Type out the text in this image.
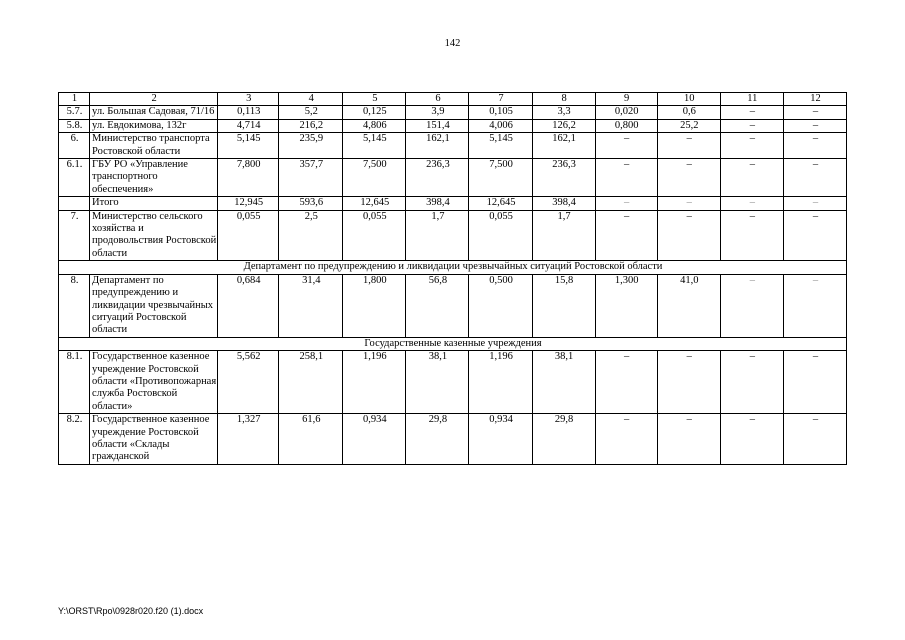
142
1	2	3	4	5	6	7	8	9	10	11	12
5.7.	ул. Большая Садовая, 71/16	0,113	5,2	0,125	3,9	0,105	3,3	0,020	0,6	–	–
5.8.	ул. Евдокимова, 132г	4,714	216,2	4,806	151,4	4,006	126,2	0,800	25,2	–	–
6.	Министерство транспорта Ростовской области	5,145	235,9	5,145	162,1	5,145	162,1	–	–	–	–
6.1.	ГБУ РО «Управление транспортного обеспечения»	7,800	357,7	7,500	236,3	7,500	236,3	–	–	–	–
	Итого	12,945	593,6	12,645	398,4	12,645	398,4	–	–	–	–
7.	Министерство сельского хозяйства и продовольствия Ростовской области	0,055	2,5	0,055	1,7	0,055	1,7	–	–	–	–
Департамент по предупреждению и ликвидации чрезвычайных ситуаций Ростовской области											
8.	Департамент по предупреждению и ликвидации чрезвычайных ситуаций Ростовской области	0,684	31,4	1,800	56,8	0,500	15,8	1,300	41,0	–	–
Государственные казенные учреждения											
8.1.	Государственное казенное учреждение Ростовской области «Противопожарная служба Ростовской области»	5,562	258,1	1,196	38,1	1,196	38,1	–	–	–	–
8.2.	Государственное казенное учреждение Ростовской области «Склады гражданской	1,327	61,6	0,934	29,8	0,934	29,8	–	–	–	–
Y:\ORST\Rpo\0928r020.f20 (1).docx
